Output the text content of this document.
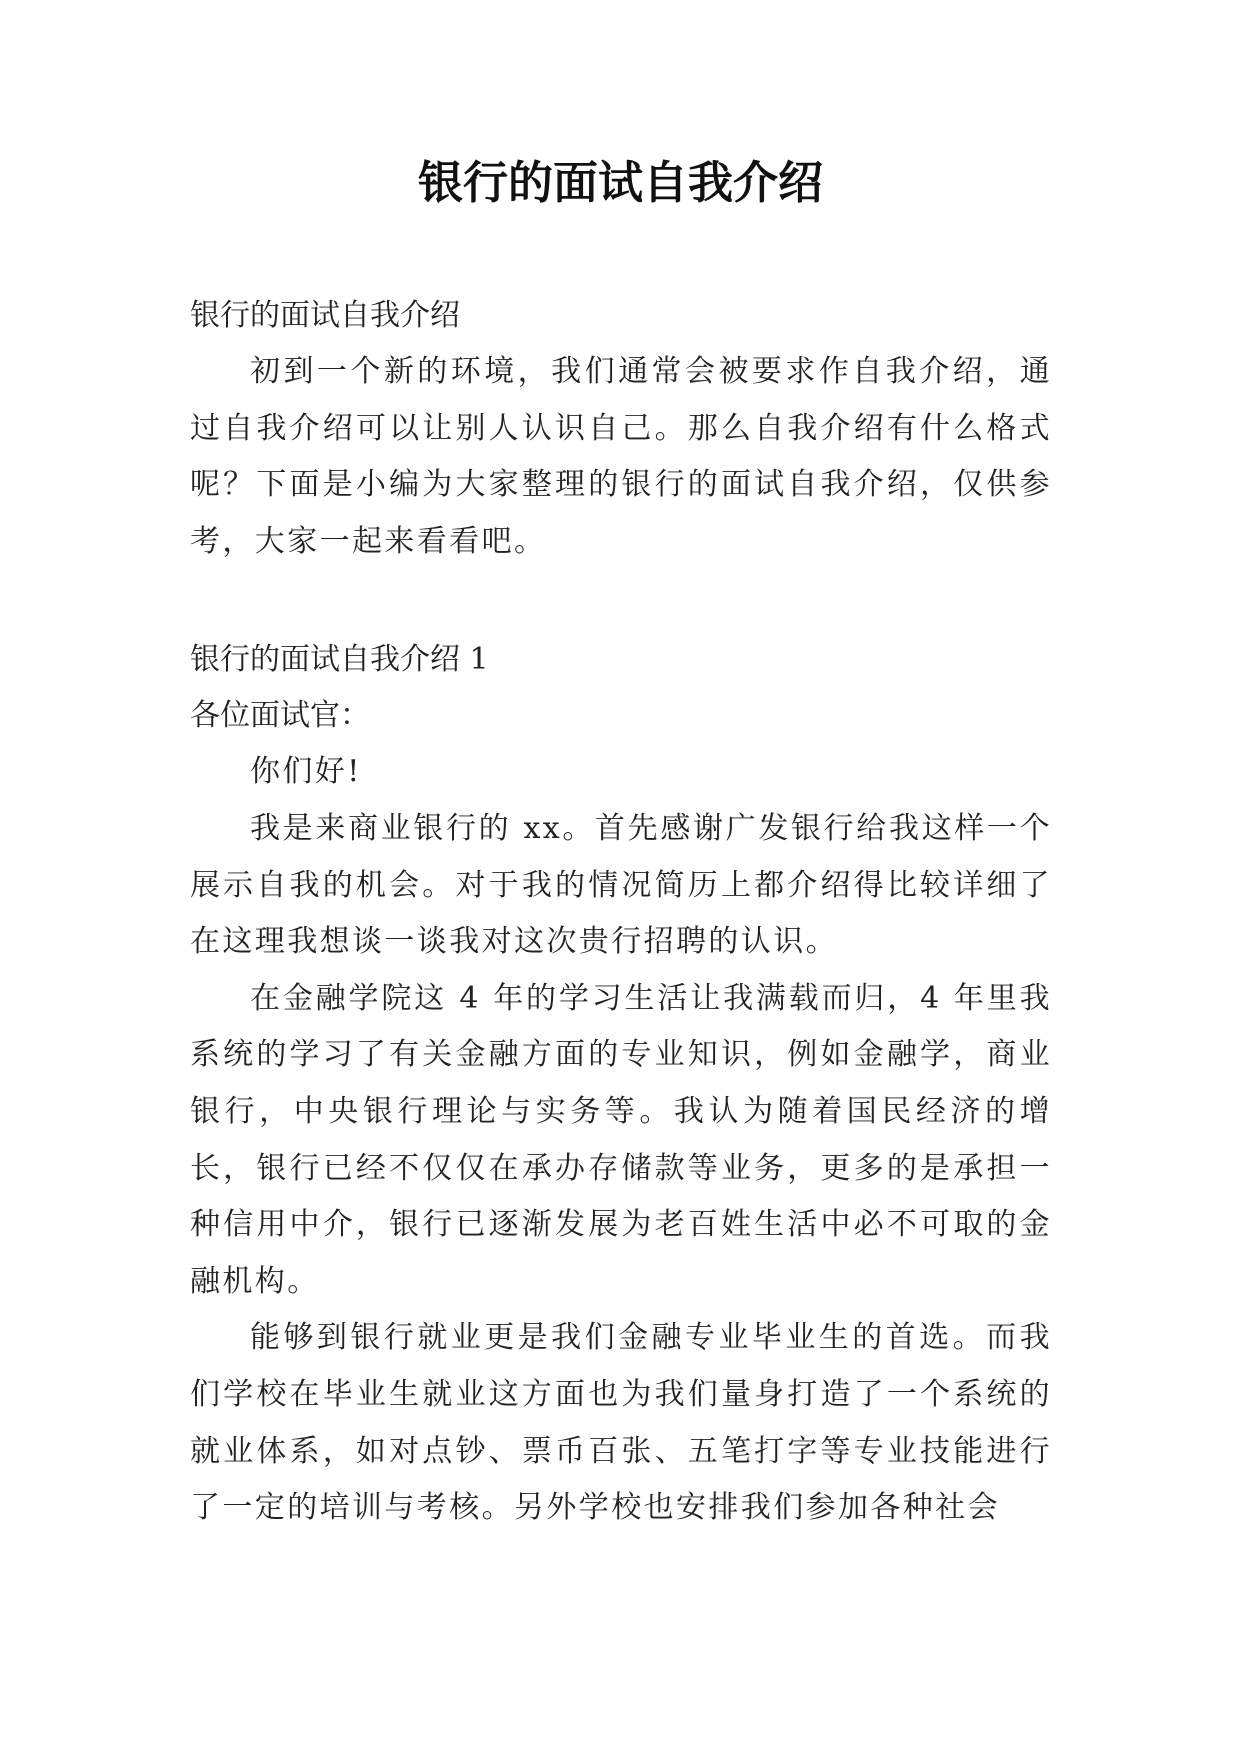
银行的面试自我介绍

银行的面试自我介绍

初到一个新的环境，我们通常会被要求作自我介绍，通过自我介绍可以让别人认识自己。那么自我介绍有什么格式呢？下面是小编为大家整理的银行的面试自我介绍，仅供参考，大家一起来看看吧。

银行的面试自我介绍 1

各位面试官：

你们好!

我是来商业银行的 xx。首先感谢广发银行给我这样一个展示自我的机会。对于我的情况简历上都介绍得比较详细了在这理我想谈一谈我对这次贵行招聘的认识。

在金融学院这 4 年的学习生活让我满载而归，4 年里我系统的学习了有关金融方面的专业知识，例如金融学，商业银行，中央银行理论与实务等。我认为随着国民经济的增长，银行已经不仅仅在承办存储款等业务，更多的是承担一种信用中介，银行已逐渐发展为老百姓生活中必不可取的金融机构。

能够到银行就业更是我们金融专业毕业生的首选。而我们学校在毕业生就业这方面也为我们量身打造了一个系统的就业体系，如对点钞、票币百张、五笔打字等专业技能进行了一定的培训与考核。另外学校也安排我们参加各种社会
